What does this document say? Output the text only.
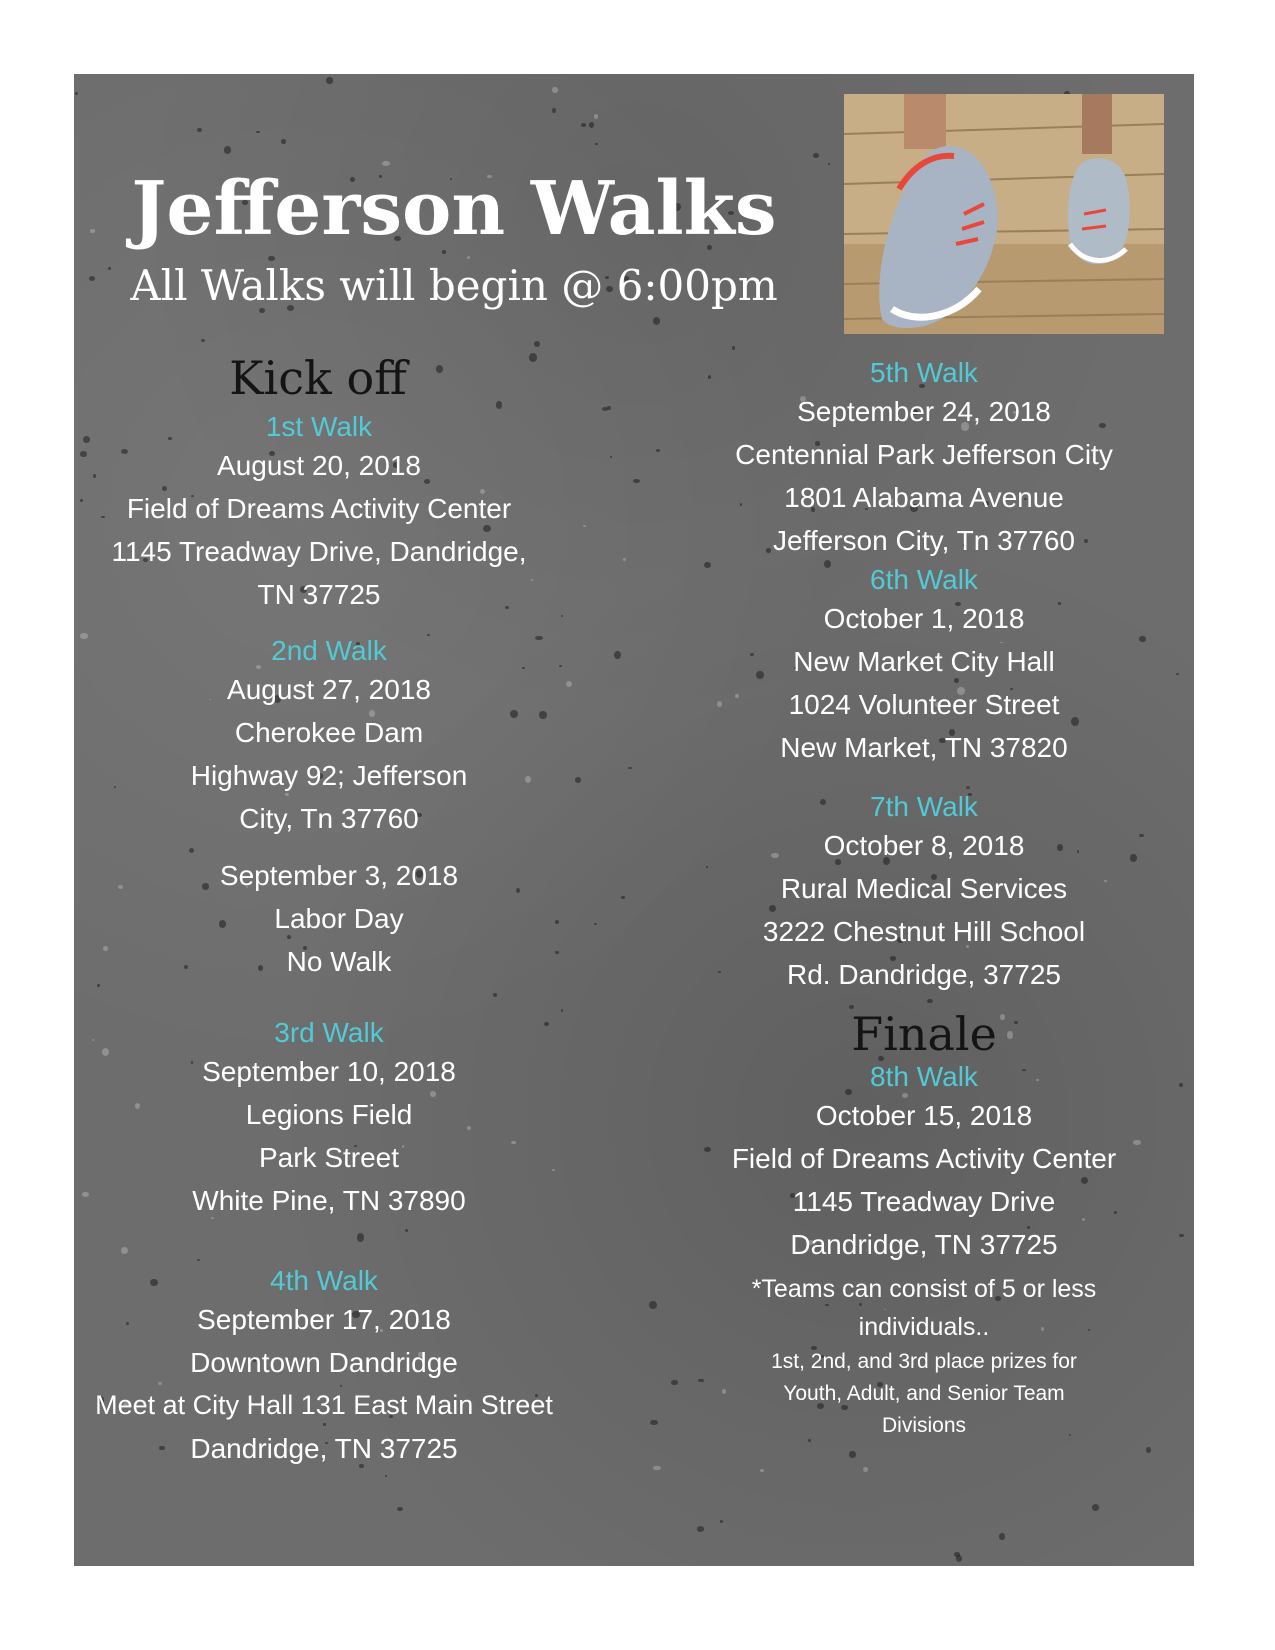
Jefferson Walks
All Walks will begin @ 6:00pm
Kick off
1st Walk
August 20, 2018
Field of Dreams Activity Center
1145 Treadway Drive, Dandridge,
TN 37725
2nd Walk
August 27, 2018
Cherokee Dam
Highway 92; Jefferson
City, Tn 37760
September 3, 2018
Labor Day
No Walk
3rd Walk
September 10, 2018
Legions Field
Park Street
White Pine, TN 37890
4th Walk
September 17, 2018
Downtown Dandridge
Meet at City Hall 131 East Main Street
Dandridge, TN 37725
5th Walk
September 24, 2018
Centennial Park Jefferson City
1801 Alabama Avenue
Jefferson City, Tn 37760
6th Walk
October 1, 2018
New Market City Hall
1024 Volunteer Street
New Market, TN 37820
7th Walk
October 8, 2018
Rural Medical Services
3222 Chestnut Hill School
Rd. Dandridge, 37725
Finale
8th Walk
October 15, 2018
Field of Dreams Activity Center
1145 Treadway Drive
Dandridge, TN 37725
*Teams can consist of 5 or less
individuals..
1st, 2nd, and 3rd place prizes for
Youth, Adult, and Senior Team
Divisions
